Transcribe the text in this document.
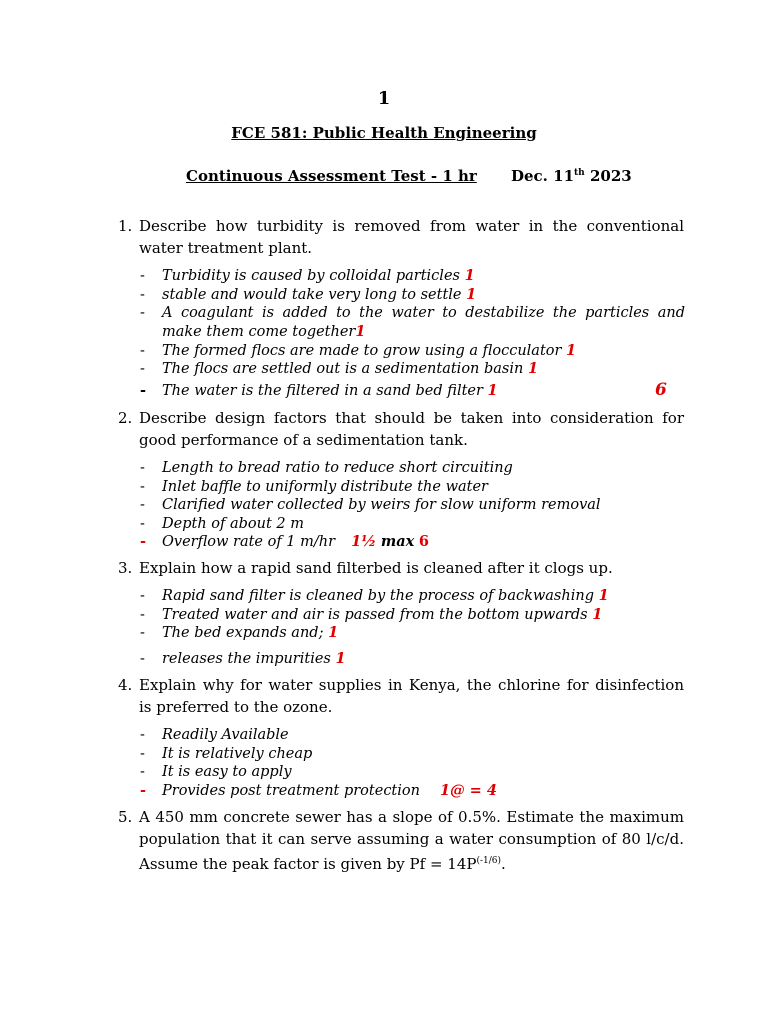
1
FCE 581: Public Health Engineering
Continuous Assessment Test - 1 hr Dec. 11th 2023
1. Describe how turbidity is removed from water in the conventional water treatment plant.
- Turbidity is caused by colloidal particles 1
- stable and would take very long to settle 1
- A coagulant is added to the water to destabilize the particles and make them come together1
- The formed flocs are made to grow using a flocculator 1
- The flocs are settled out is a sedimentation basin 1
- The water is the filtered in a sand bed filter 1	6
2. Describe design factors that should be taken into consideration for good performance of a sedimentation tank.
- Length to bread ratio to reduce short circuiting
- Inlet baffle to uniformly distribute the water
- Clarified water collected by weirs for slow uniform removal
- Depth of about 2 m
- Overflow rate of 1 m/hr 1½ max 6
3. Explain how a rapid sand filterbed is cleaned after it clogs up.
- Rapid sand filter is cleaned by the process of backwashing 1
- Treated water and air is passed from the bottom upwards 1
- The bed expands and; 1
- releases the impurities 1
4. Explain why for water supplies in Kenya, the chlorine for disinfection is preferred to the ozone.
- Readily Available
- It is relatively cheap
- It is easy to apply
- Provides post treatment protection 1@ = 4
5. A 450 mm concrete sewer has a slope of 0.5%. Estimate the maximum population that it can serve assuming a water consumption of 80 l/c/d. Assume the peak factor is given by $Pf = 14P^{(-1/6)}$.
